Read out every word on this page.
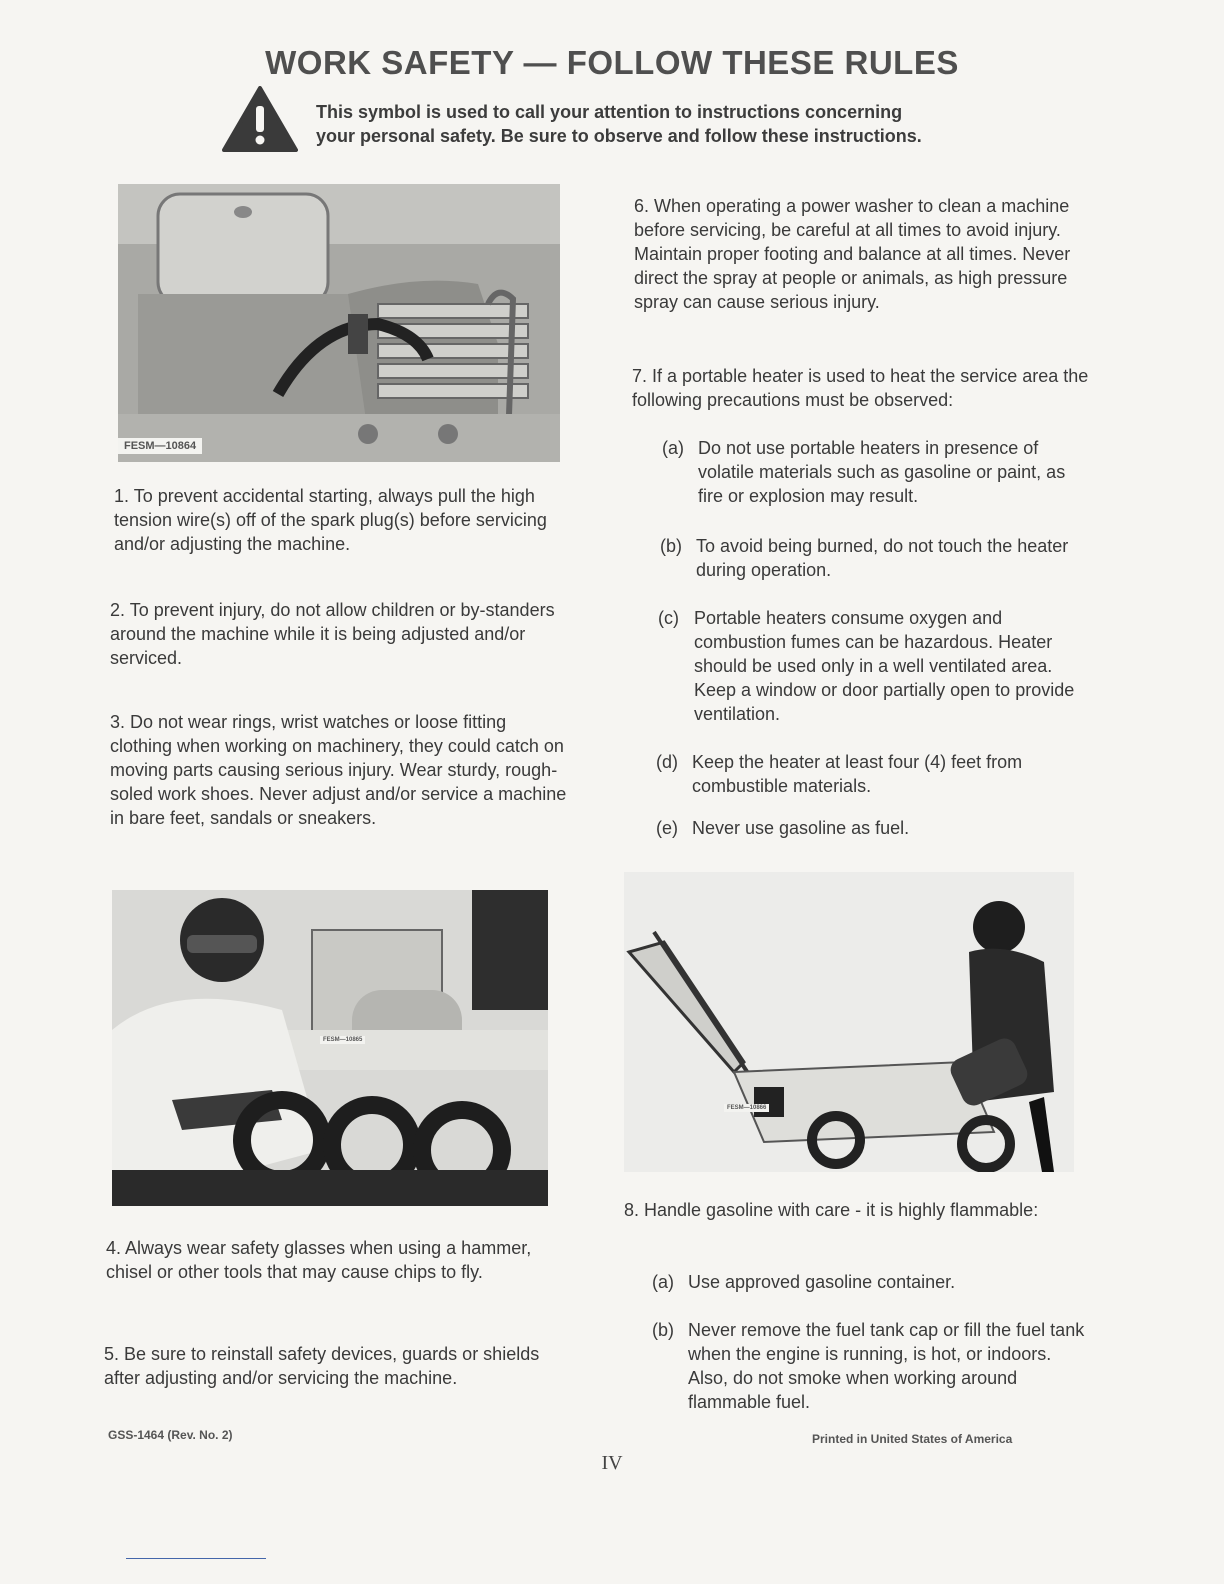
WORK SAFETY — FOLLOW THESE RULES
This symbol is used to call your attention to instructions concerning
your personal safety. Be sure to observe and follow these instructions.
FESM—10864

1. To prevent accidental starting, always pull the high tension wire(s) off of the spark plug(s) before servicing and/or adjusting the machine.

2. To prevent injury, do not allow children or by-standers around the machine while it is being adjusted and/or serviced.

3. Do not wear rings, wrist watches or loose fitting clothing when working on machinery, they could catch on moving parts causing serious injury. Wear sturdy, rough-soled work shoes. Never adjust and/or service a machine in bare feet, sandals or sneakers.

FESM—10865

4. Always wear safety glasses when using a hammer, chisel or other tools that may cause chips to fly.

5. Be sure to reinstall safety devices, guards or shields after adjusting and/or servicing the machine.

6. When operating a power washer to clean a machine before servicing, be careful at all times to avoid injury. Maintain proper footing and balance at all times. Never direct the spray at people or animals, as high pressure spray can cause serious injury.

7. If a portable heater is used to heat the service area the following precautions must be observed:

(a) Do not use portable heaters in presence of volatile materials such as gasoline or paint, as fire or explosion may result.
(b) To avoid being burned, do not touch the heater during operation.
(c) Portable heaters consume oxygen and combustion fumes can be hazardous. Heater should be used only in a well ventilated area. Keep a window or door partially open to provide ventilation.
(d) Keep the heater at least four (4) feet from combustible materials.
(e) Never use gasoline as fuel.
FESM—10866

8. Handle gasoline with care - it is highly flammable:

(a) Use approved gasoline container.
(b) Never remove the fuel tank cap or fill the fuel tank when the engine is running, is hot, or indoors. Also, do not smoke when working around flammable fuel.
GSS-1464 (Rev. No. 2)	Printed in United States of America
IV
